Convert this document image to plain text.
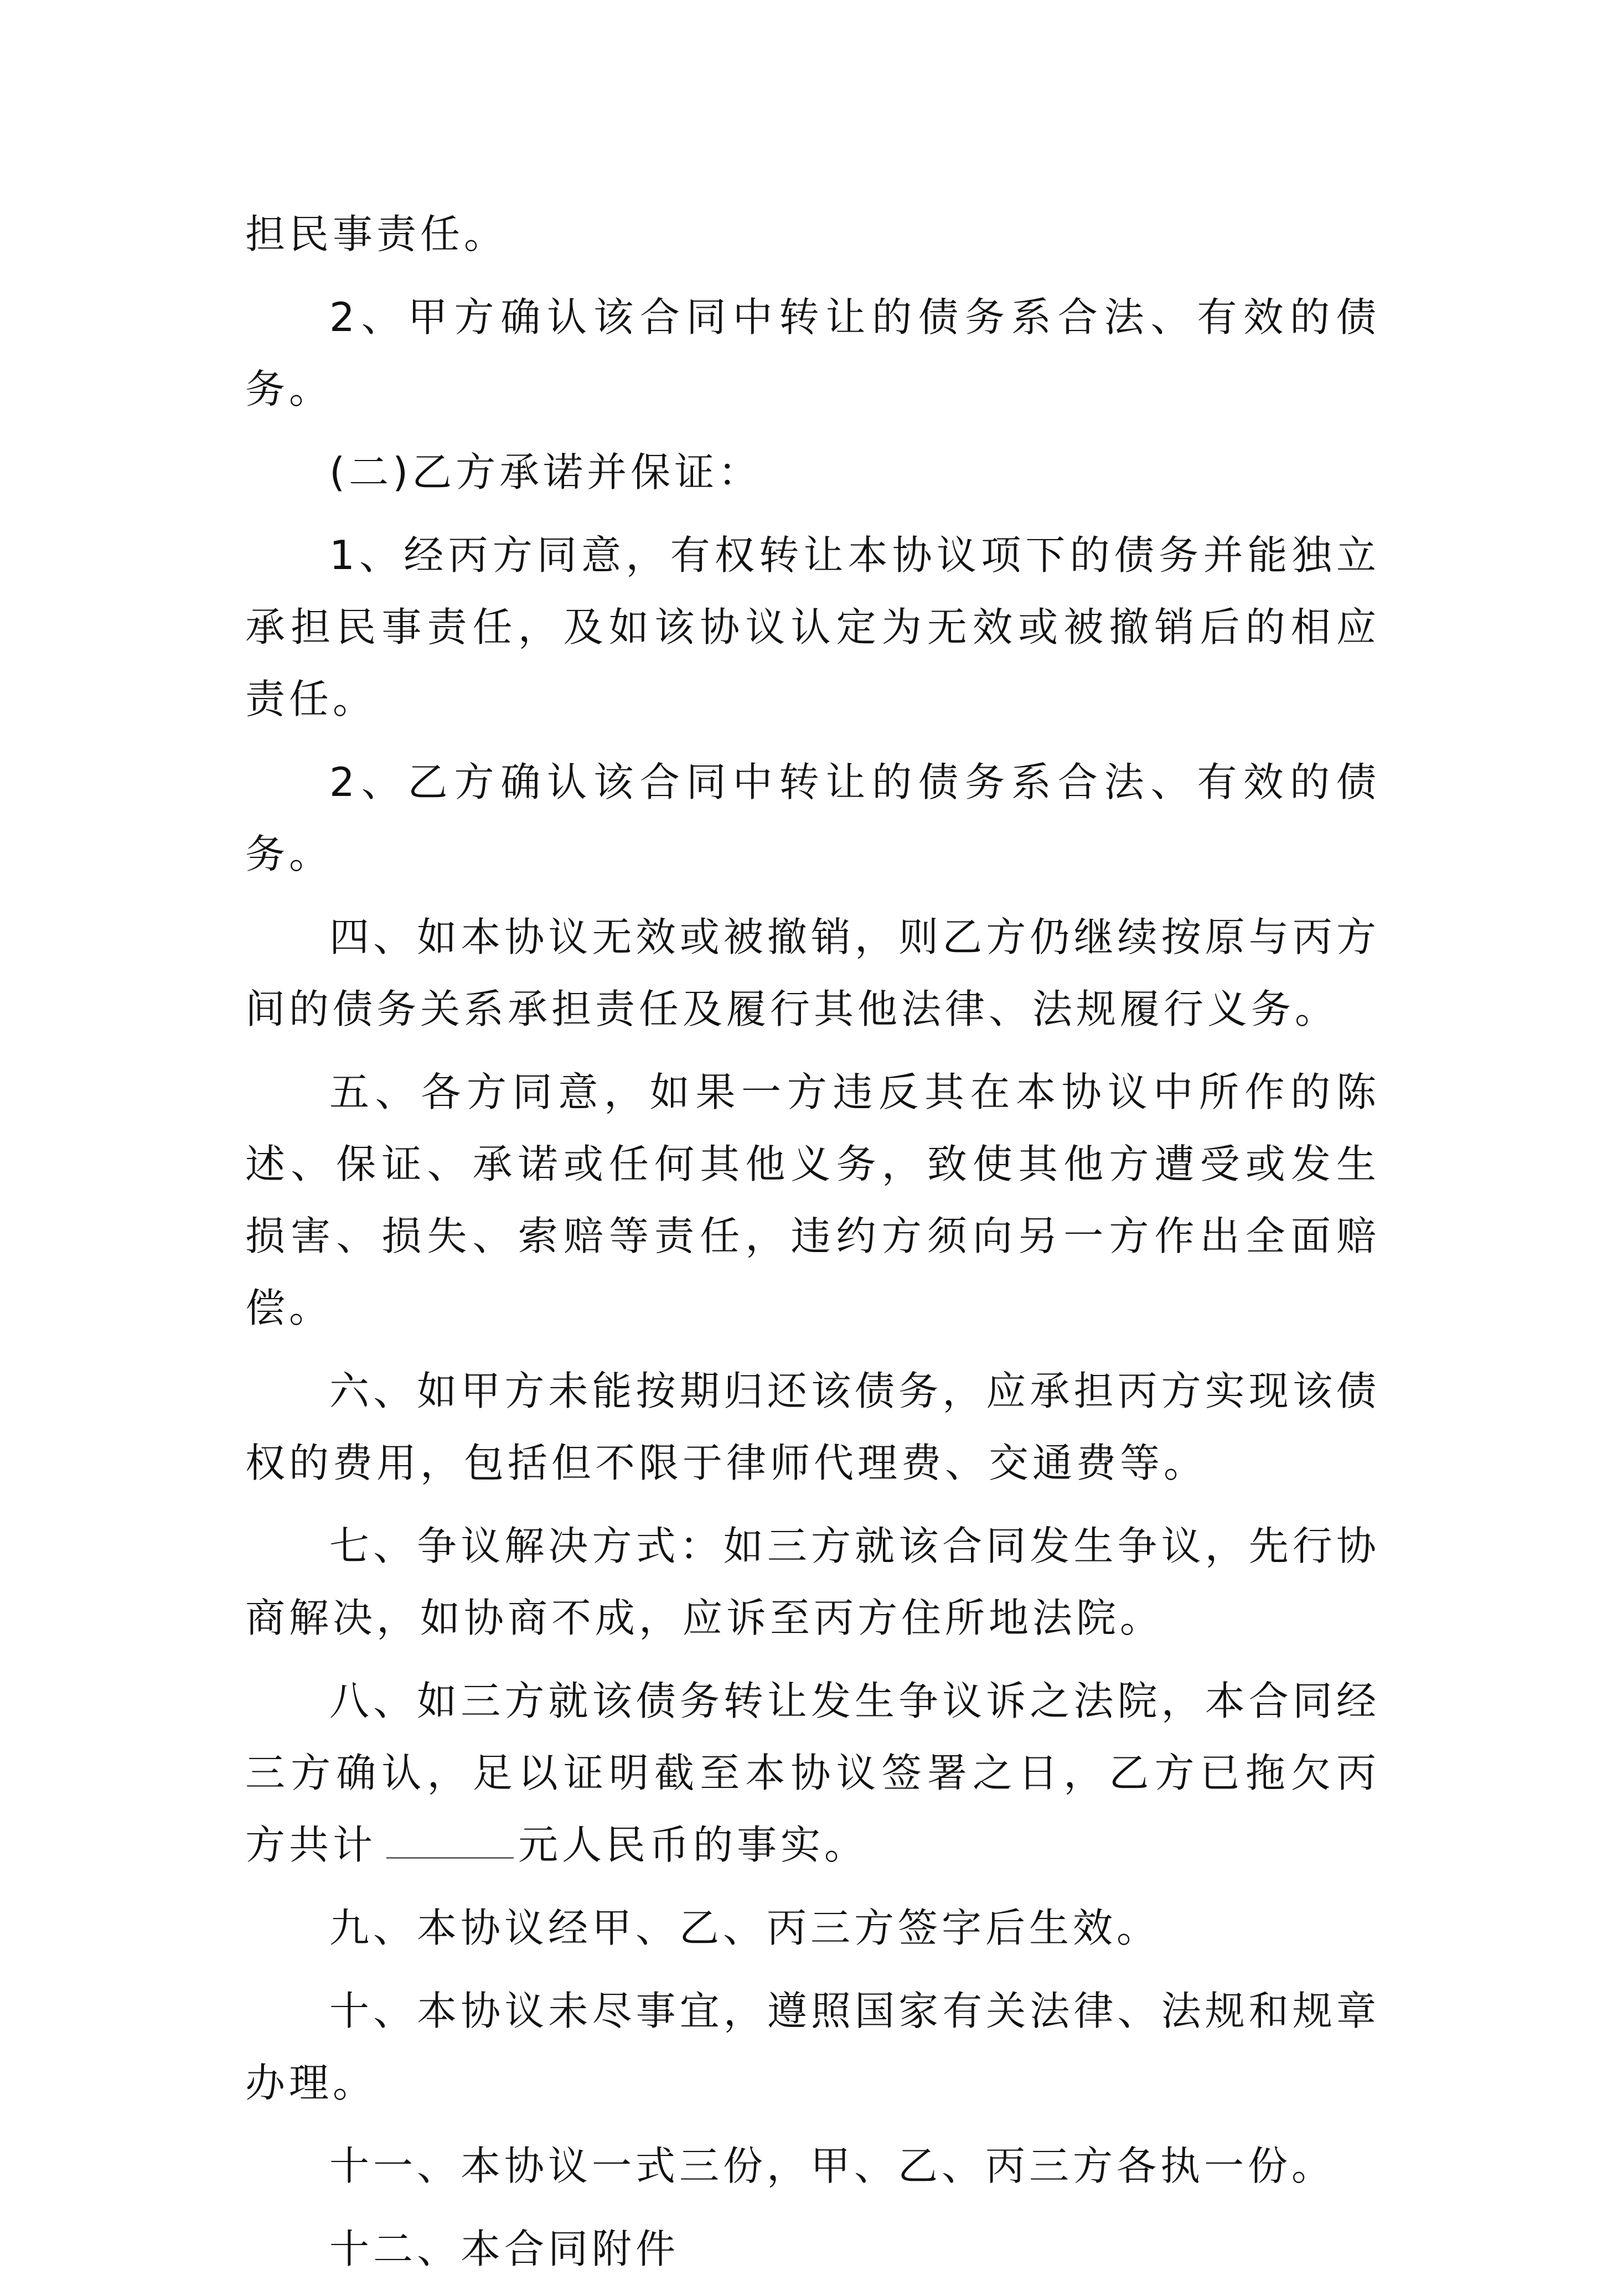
担民事责任。

2、甲方确认该合同中转让的债务系合法、有效的债务。

(二)乙方承诺并保证：

1、经丙方同意，有权转让本协议项下的债务并能独立承担民事责任，及如该协议认定为无效或被撤销后的相应责任。

2、乙方确认该合同中转让的债务系合法、有效的债务。

四、如本协议无效或被撤销，则乙方仍继续按原与丙方间的债务关系承担责任及履行其他法律、法规履行义务。

五、各方同意，如果一方违反其在本协议中所作的陈述、保证、承诺或任何其他义务，致使其他方遭受或发生损害、损失、索赔等责任，违约方须向另一方作出全面赔偿。

六、如甲方未能按期归还该债务，应承担丙方实现该债权的费用，包括但不限于律师代理费、交通费等。

七、争议解决方式：如三方就该合同发生争议，先行协商解决，如协商不成，应诉至丙方住所地法院。

八、如三方就该债务转让发生争议诉之法院，本合同经三方确认，足以证明截至本协议签署之日，乙方已拖欠丙方共计	元人民币的事实。

九、本协议经甲、乙、丙三方签字后生效。

十、本协议未尽事宜，遵照国家有关法律、法规和规章办理。

十一、本协议一式三份，甲、乙、丙三方各执一份。

十二、本合同附件
